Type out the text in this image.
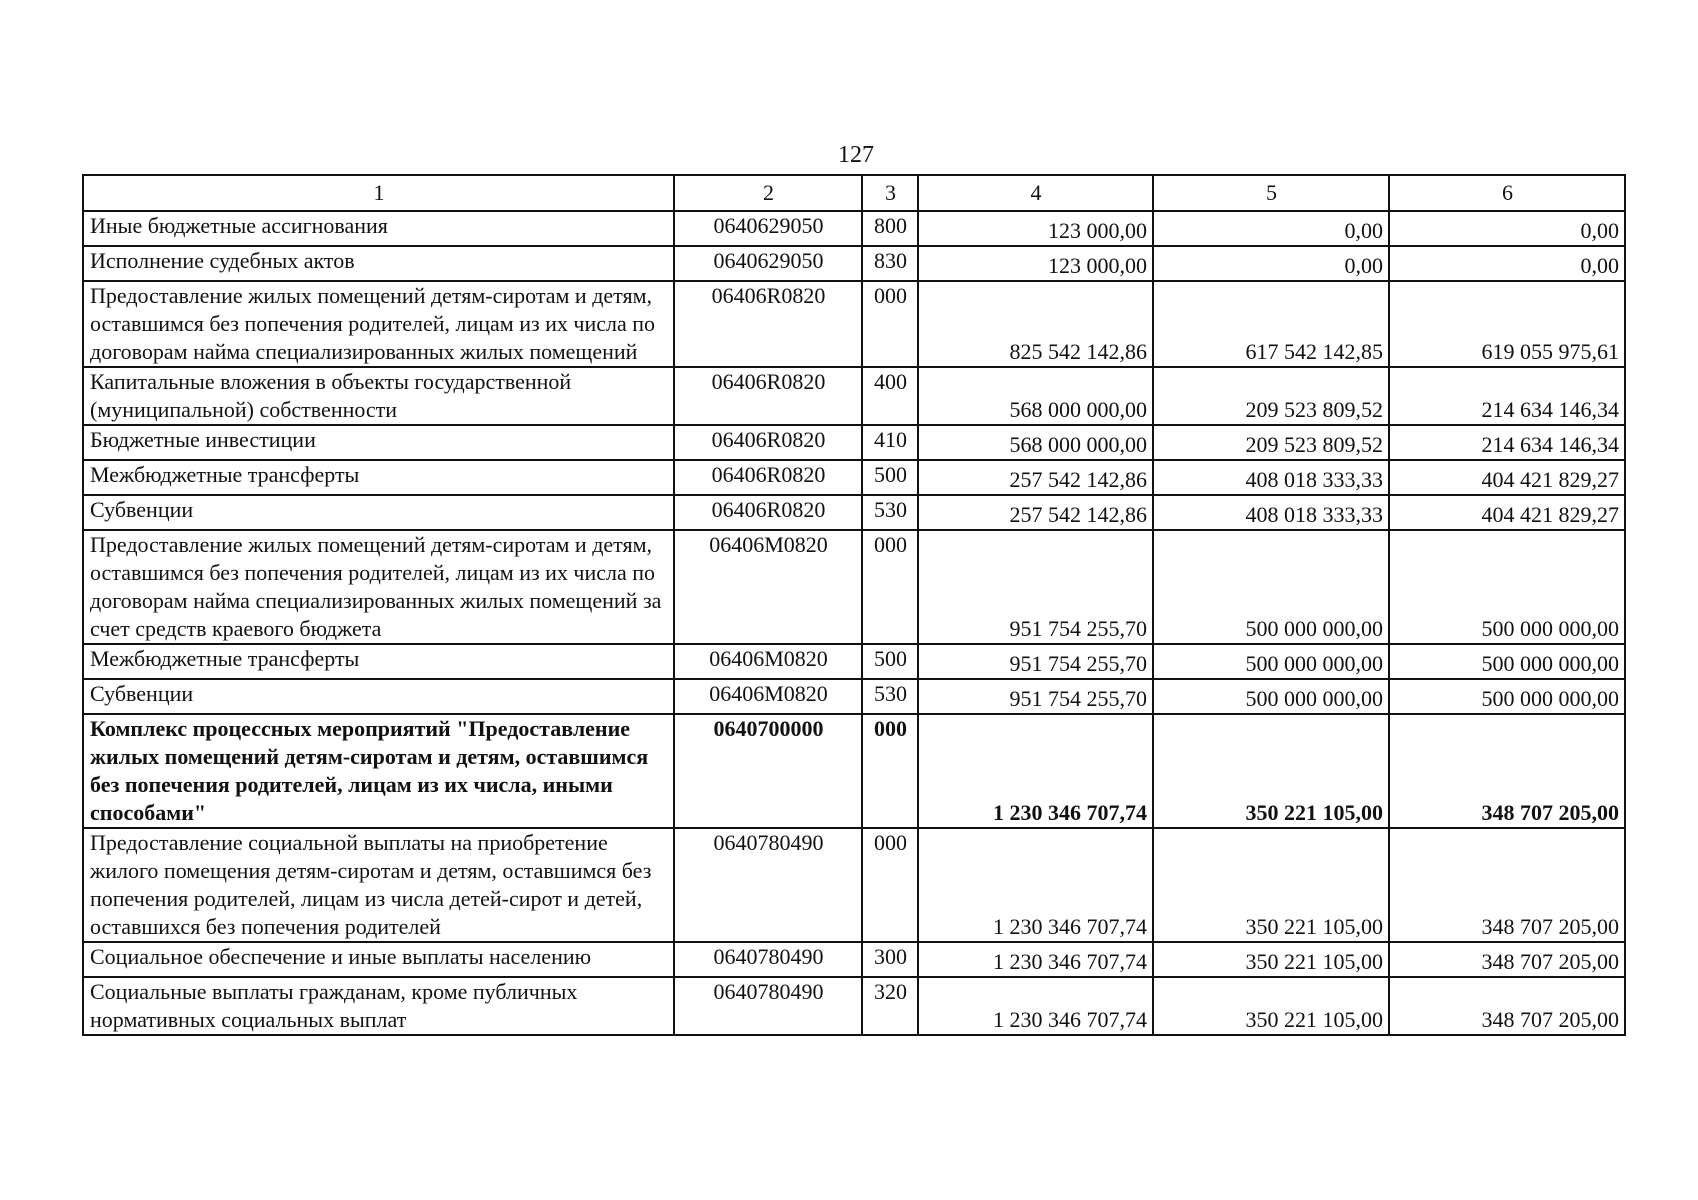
127
1	2	3	4	5	6
Иные бюджетные ассигнования	0640629050	800	123 000,00	0,00	0,00
Исполнение судебных актов	0640629050	830	123 000,00	0,00	0,00
Предоставление жилых помещений детям-сиротам и детям, оставшимся без попечения родителей, лицам из их числа по договорам найма специализированных жилых помещений	06406R0820	000	825 542 142,86	617 542 142,85	619 055 975,61
Капитальные вложения в объекты государственной (муниципальной) собственности	06406R0820	400	568 000 000,00	209 523 809,52	214 634 146,34
Бюджетные инвестиции	06406R0820	410	568 000 000,00	209 523 809,52	214 634 146,34
Межбюджетные трансферты	06406R0820	500	257 542 142,86	408 018 333,33	404 421 829,27
Субвенции	06406R0820	530	257 542 142,86	408 018 333,33	404 421 829,27
Предоставление жилых помещений детям-сиротам и детям, оставшимся без попечения родителей, лицам из их числа по договорам найма специализированных жилых помещений за счет средств краевого бюджета	06406М0820	000	951 754 255,70	500 000 000,00	500 000 000,00
Межбюджетные трансферты	06406М0820	500	951 754 255,70	500 000 000,00	500 000 000,00
Субвенции	06406М0820	530	951 754 255,70	500 000 000,00	500 000 000,00
Комплекс процессных мероприятий "Предоставление жилых помещений детям-сиротам и детям, оставшимся без попечения родителей, лицам из их числа, иными способами"	0640700000	000	1 230 346 707,74	350 221 105,00	348 707 205,00
Предоставление социальной выплаты на приобретение жилого помещения детям-сиротам и детям, оставшимся без попечения родителей, лицам из числа детей-сирот и детей, оставшихся без попечения родителей	0640780490	000	1 230 346 707,74	350 221 105,00	348 707 205,00
Социальное обеспечение и иные выплаты населению	0640780490	300	1 230 346 707,74	350 221 105,00	348 707 205,00
Социальные выплаты гражданам, кроме публичных нормативных социальных выплат	0640780490	320	1 230 346 707,74	350 221 105,00	348 707 205,00
